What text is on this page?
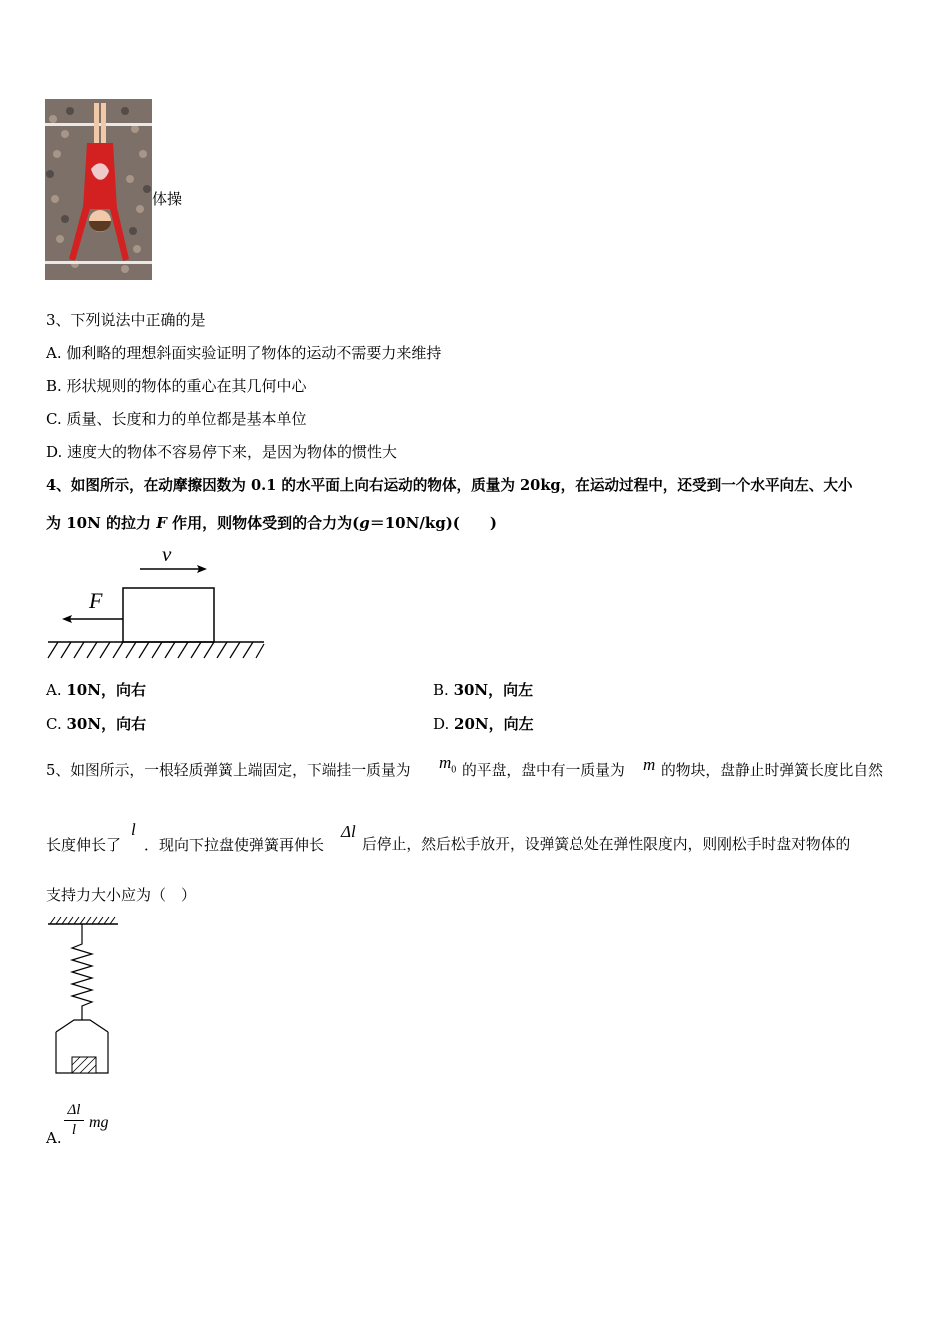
体操
3、下列说法中正确的是
A. 伽利略的理想斜面实验证明了物体的运动不需要力来维持
B. 形状规则的物体的重心在其几何中心
C. 质量、长度和力的单位都是基本单位
D. 速度大的物体不容易停下来，是因为物体的惯性大
4、如图所示，在动摩擦因数为 0.1 的水平面上向右运动的物体，质量为 20kg，在运动过程中，还受到一个水平向左、大小
为 10N 的拉力 F 作用，则物体受到的合力为(g＝10N/kg)(　　)
v
F
A. 10N，向右	B. 30N，向左
C. 30N，向右	D. 20N，向左
5、如图所示，一根轻质弹簧上端固定，下端挂一质量为 $m_0$ 的平盘，盘中有一质量为 m 的物块，盘静止时弹簧长度比自然
长度伸长了
l
．现向下拉盘使弹簧再伸长
Δl
后停止，然后松手放开，设弹簧总处在弹性限度内，则刚松手时盘对物体的
支持力大小应为（　）
A.
Δl
l mg
